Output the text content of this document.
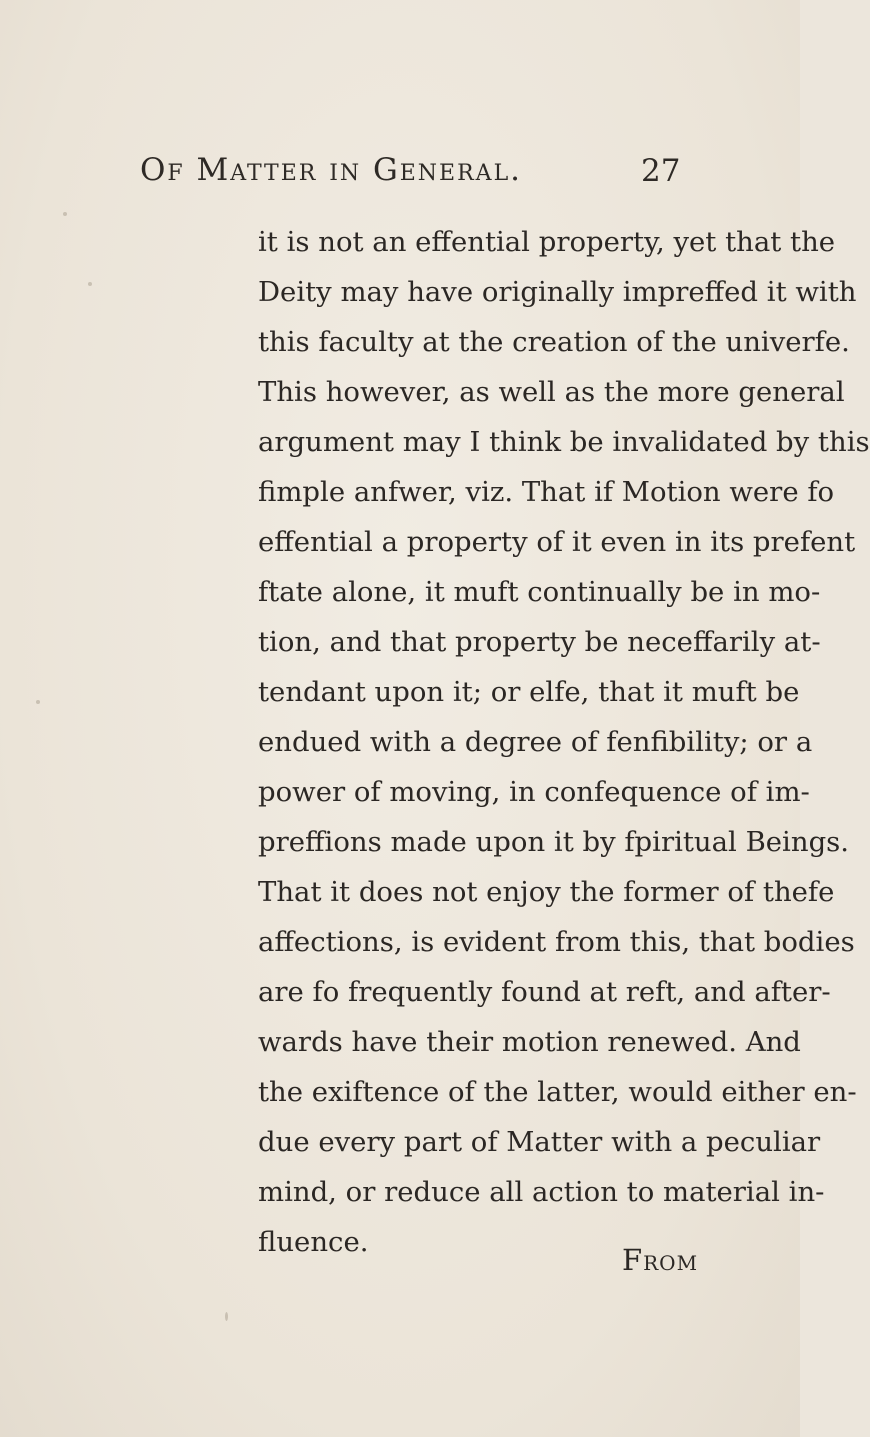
Of Matter in General.	27
it is not an effential property, yet that the
Deity may have originally impreffed it with
this faculty at the creation of the univerfe.
This however, as well as the more general
argument may I think be invalidated by this
fimple anfwer, viz. That if Motion were fo
effential a property of it even in its prefent
ftate alone, it muft continually be in mo-
tion, and that property be neceffarily at-
tendant upon it; or elfe, that it muft be
endued with a degree of fenfibility; or a
power of moving, in confequence of im-
preffions made upon it by fpiritual Beings.
That it does not enjoy the former of thefe
affections, is evident from this, that bodies
are fo frequently found at reft, and after-
wards have their motion renewed. And
the exiftence of the latter, would either en-
due every part of Matter with a peculiar
mind, or reduce all action to material in-
fluence.
From
